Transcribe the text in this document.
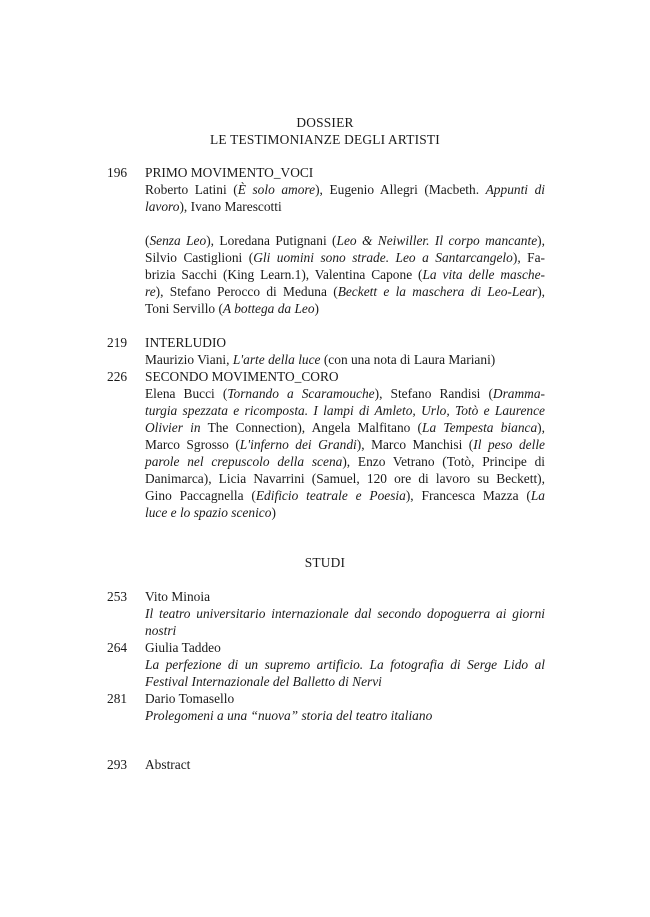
DOSSIER
LE TESTIMONIANZE DEGLI ARTISTI
196 PRIMO MOVIMENTO_VOCI

Roberto Latini (È solo amore), Eugenio Allegri (Macbeth. Appunti di

lavoro), Ivano Marescotti

(Senza Leo), Loredana Putignani (Leo & Neiwiller. Il corpo mancante),

Silvio Castiglioni (Gli uomini sono strade. Leo a Santarcangelo), Fa-

brizia Sacchi (King Learn.1), Valentina Capone (La vita delle masche-

re), Stefano Perocco di Meduna (Beckett e la maschera di Leo-Lear),

Toni Servillo (A bottega da Leo)

219 INTERLUDIO

Maurizio Viani, L'arte della luce (con una nota di Laura Mariani)

226 SECONDO MOVIMENTO_CORO

Elena Bucci (Tornando a Scaramouche), Stefano Randisi (Dramma-

turgia spezzata e ricomposta. I lampi di Amleto, Urlo, Totò e Laurence

Olivier in The Connection), Angela Malfitano (La Tempesta bianca),

Marco Sgrosso (L'inferno dei Grandi), Marco Manchisi (Il peso delle

parole nel crepuscolo della scena), Enzo Vetrano (Totò, Principe di

Danimarca), Licia Navarrini (Samuel, 120 ore di lavoro su Beckett),

Gino Paccagnella (Edificio teatrale e Poesia), Francesca Mazza (La

luce e lo spazio scenico)

STUDI
253 Vito Minoia

Il teatro universitario internazionale dal secondo dopoguerra ai giorni

nostri

264 Giulia Taddeo

La perfezione di un supremo artificio. La fotografia di Serge Lido al

Festival Internazionale del Balletto di Nervi

281 Dario Tomasello

Prolegomeni a una “nuova” storia del teatro italiano

293 Abstract
